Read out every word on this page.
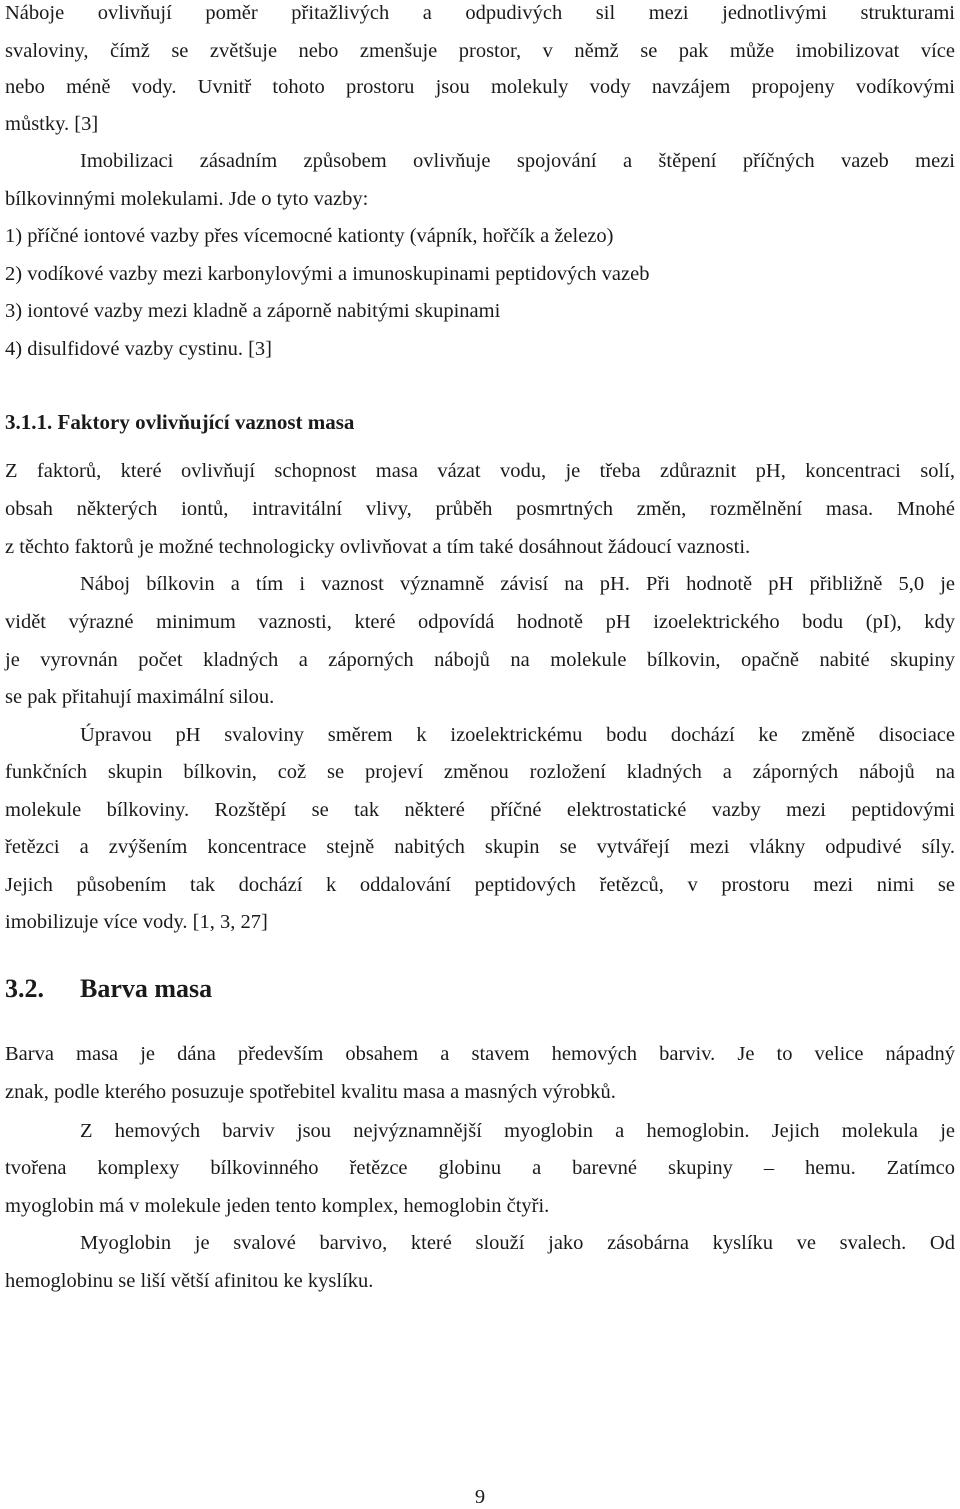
Náboje ovlivňují poměr přitažlivých a odpudivých sil mezi jednotlivými strukturami
svaloviny, čímž se zvětšuje nebo zmenšuje prostor, v němž se pak může imobilizovat více
nebo méně vody. Uvnitř tohoto prostoru jsou molekuly vody navzájem propojeny vodíkovými
můstky. [3]
Imobilizaci zásadním způsobem ovlivňuje spojování a štěpení příčných vazeb mezi
bílkovinnými molekulami. Jde o tyto vazby:
1) příčné iontové vazby přes vícemocné kationty (vápník, hořčík a železo)
2) vodíkové vazby mezi karbonylovými a imunoskupinami peptidových vazeb
3) iontové vazby mezi kladně a záporně nabitými skupinami
4) disulfidové vazby cystinu. [3]
3.1.1. Faktory ovlivňující vaznost masa
Z faktorů, které ovlivňují schopnost masa vázat vodu, je třeba zdůraznit pH, koncentraci solí,
obsah některých iontů, intravitální vlivy, průběh posmrtných změn, rozmělnění masa. Mnohé
z těchto faktorů je možné technologicky ovlivňovat a tím také dosáhnout žádoucí vaznosti.
Náboj bílkovin a tím i vaznost významně závisí na pH. Při hodnotě pH přibližně 5,0 je
vidět výrazné minimum vaznosti, které odpovídá hodnotě pH izoelektrického bodu (pI), kdy
je vyrovnán počet kladných a záporných nábojů na molekule bílkovin, opačně nabité skupiny
se pak přitahují maximální silou.
Úpravou pH svaloviny směrem k izoelektrickému bodu dochází ke změně disociace
funkčních skupin bílkovin, což se projeví změnou rozložení kladných a záporných nábojů na
molekule bílkoviny. Rozštěpí se tak některé příčné elektrostatické vazby mezi peptidovými
řetězci a zvýšením koncentrace stejně nabitých skupin se vytvářejí mezi vlákny odpudivé síly.
Jejich působením tak dochází k oddalování peptidových řetězců, v prostoru mezi nimi se
imobilizuje více vody. [1, 3, 27]
3.2. Barva masa
Barva masa je dána především obsahem a stavem hemových barviv. Je to velice nápadný
znak, podle kterého posuzuje spotřebitel kvalitu masa a masných výrobků.
Z hemových barviv jsou nejvýznamnější myoglobin a hemoglobin. Jejich molekula je
tvořena komplexy bílkovinného řetězce globinu a barevné skupiny – hemu. Zatímco
myoglobin má v molekule jeden tento komplex, hemoglobin čtyři.
Myoglobin je svalové barvivo, které slouží jako zásobárna kyslíku ve svalech. Od
hemoglobinu se liší větší afinitou ke kyslíku.
9
